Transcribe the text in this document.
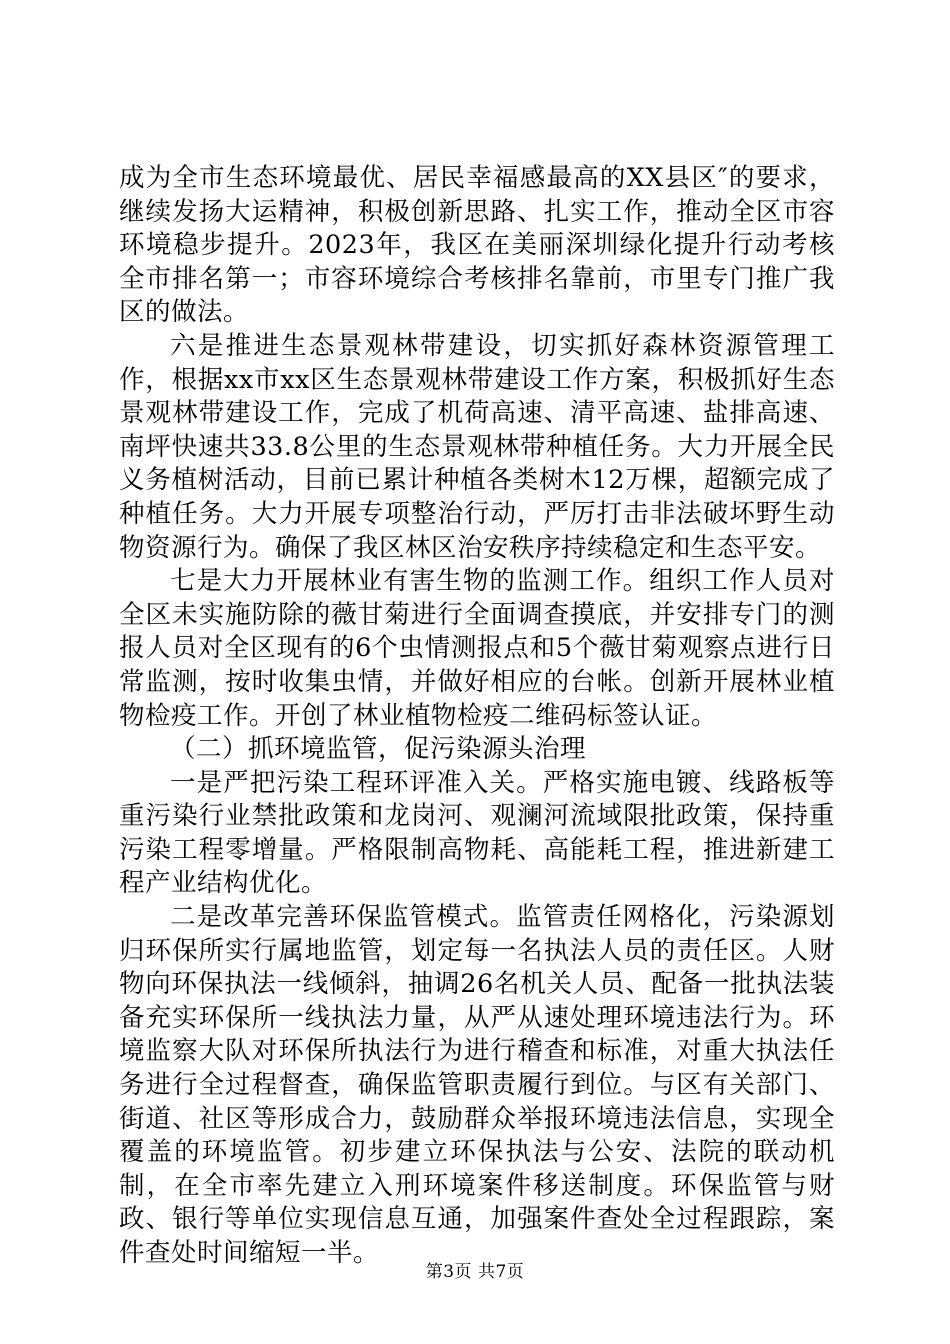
成为全市生态环境最优、居民幸福感最高的XX县区″的要求，继续发扬大运精神，积极创新思路、扎实工作，推动全区市容环境稳步提升。2023年，我区在美丽深圳绿化提升行动考核全市排名第一；市容环境综合考核排名靠前，市里专门推广我区的做法。

六是推进生态景观林带建设，切实抓好森林资源管理工作，根据xx市xx区生态景观林带建设工作方案，积极抓好生态景观林带建设工作，完成了机荷高速、清平高速、盐排高速、南坪快速共33.8公里的生态景观林带种植任务。大力开展全民义务植树活动，目前已累计种植各类树木12万棵，超额完成了种植任务。大力开展专项整治行动，严厉打击非法破坏野生动物资源行为。确保了我区林区治安秩序持续稳定和生态平安。

七是大力开展林业有害生物的监测工作。组织工作人员对全区未实施防除的薇甘菊进行全面调查摸底，并安排专门的测报人员对全区现有的6个虫情测报点和5个薇甘菊观察点进行日常监测，按时收集虫情，并做好相应的台帐。创新开展林业植物检疫工作。开创了林业植物检疫二维码标签认证。

（二）抓环境监管，促污染源头治理

一是严把污染工程环评准入关。严格实施电镀、线路板等重污染行业禁批政策和龙岗河、观澜河流域限批政策，保持重污染工程零增量。严格限制高物耗、高能耗工程，推进新建工程产业结构优化。

二是改革完善环保监管模式。监管责任网格化，污染源划归环保所实行属地监管，划定每一名执法人员的责任区。人财物向环保执法一线倾斜，抽调26名机关人员、配备一批执法装备充实环保所一线执法力量，从严从速处理环境违法行为。环境监察大队对环保所执法行为进行稽查和标准，对重大执法任务进行全过程督查，确保监管职责履行到位。与区有关部门、街道、社区等形成合力，鼓励群众举报环境违法信息，实现全覆盖的环境监管。初步建立环保执法与公安、法院的联动机制，在全市率先建立入刑环境案件移送制度。环保监管与财政、银行等单位实现信息互通，加强案件查处全过程跟踪，案件查处时间缩短一半。

第3页 共7页
